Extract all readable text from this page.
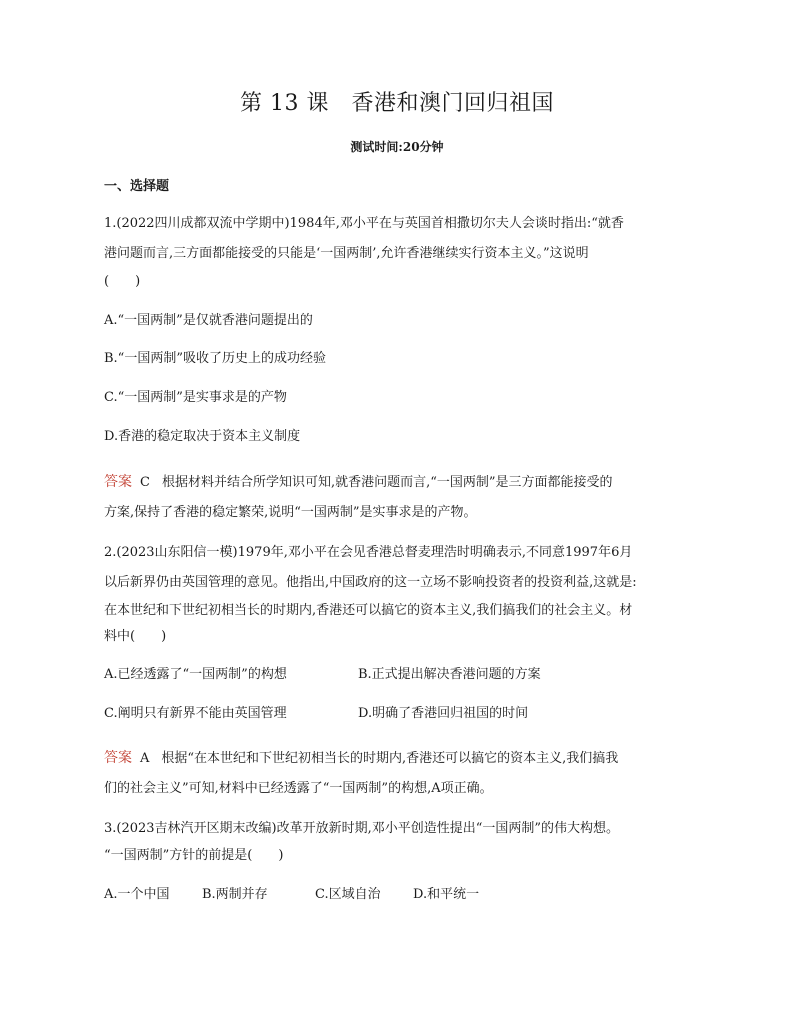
第 13 课　香港和澳门回归祖国
测试时间:20分钟
一、选择题
1.(2022四川成都双流中学期中)1984年,邓小平在与英国首相撒切尔夫人会谈时指出:“就香
港问题而言,三方面都能接受的只能是‘一国两制’,允许香港继续实行资本主义。”这说明
(　　)
A.“一国两制”是仅就香港问题提出的
B.“一国两制”吸收了历史上的成功经验
C.“一国两制”是实事求是的产物
D.香港的稳定取决于资本主义制度
答案 C 根据材料并结合所学知识可知,就香港问题而言,“一国两制”是三方面都能接受的
方案,保持了香港的稳定繁荣,说明“一国两制”是实事求是的产物。
2.(2023山东阳信一模)1979年,邓小平在会见香港总督麦理浩时明确表示,不同意1997年6月
以后新界仍由英国管理的意见。他指出,中国政府的这一立场不影响投资者的投资利益,这就是:
在本世纪和下世纪初相当长的时期内,香港还可以搞它的资本主义,我们搞我们的社会主义。材
料中(　　)
A.已经透露了“一国两制”的构想	B.正式提出解决香港问题的方案
C.阐明只有新界不能由英国管理	D.明确了香港回归祖国的时间
答案 A 根据“在本世纪和下世纪初相当长的时期内,香港还可以搞它的资本主义,我们搞我
们的社会主义”可知,材料中已经透露了“一国两制”的构想,A项正确。
3.(2023吉林汽开区期末改编)改革开放新时期,邓小平创造性提出“一国两制”的伟大构想。
“一国两制”方针的前提是(　　)
A.一个中国 B.两制并存	C.区域自治 D.和平统一
